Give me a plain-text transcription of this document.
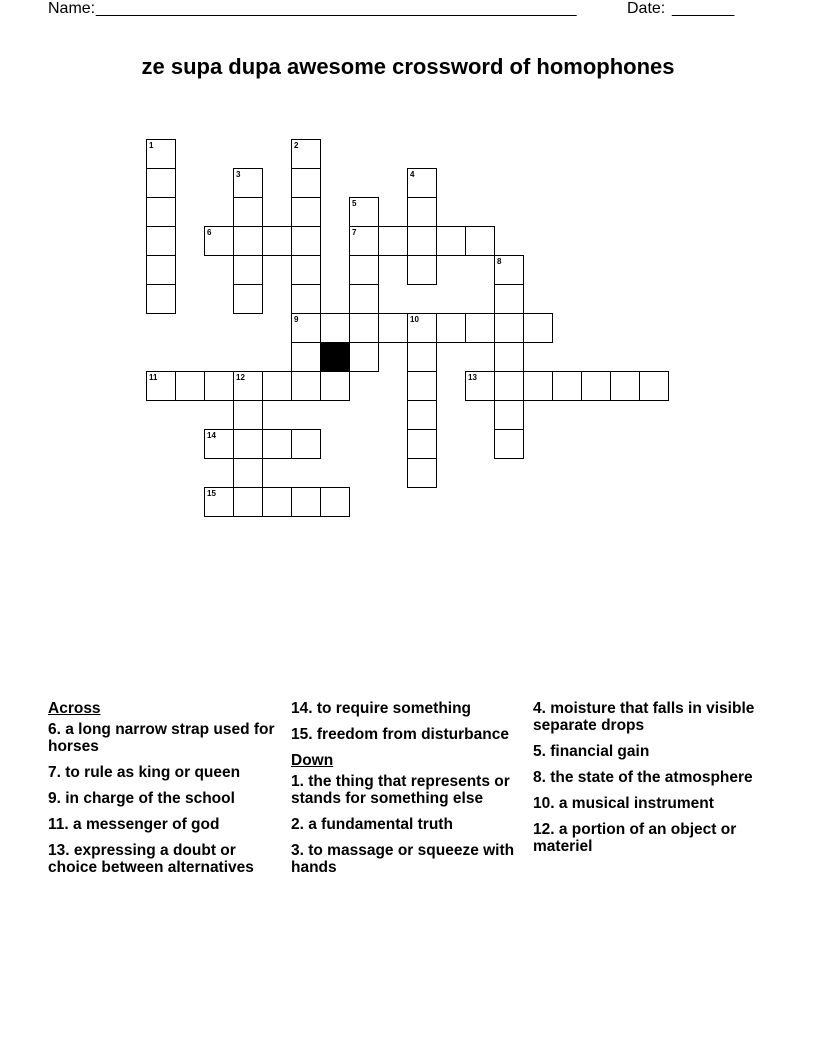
Name: ______________________________________________________	Date: _______
ze supa dupa awesome crossword of homophones
1	2
9
3	4
5
7
6
8
10
11	12	13
14
15
Across
6. a long narrow strap used for horses
7. to rule as king or queen
9. in charge of the school
11. a messenger of god
13. expressing a doubt or choice between alternatives
14. to require something
15. freedom from disturbance
Down
1. the thing that represents or stands for something else
2. a fundamental truth
3. to massage or squeeze with hands
4. moisture that falls in visible separate drops
5. financial gain
8. the state of the atmosphere
10. a musical instrument
12. a portion of an object or materiel
